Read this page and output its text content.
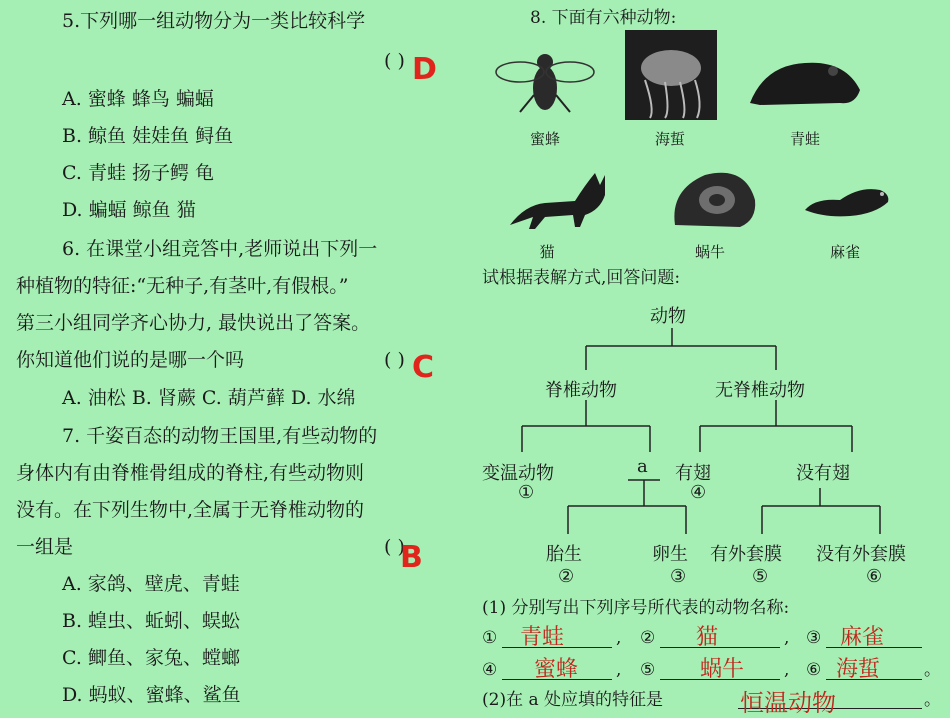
5.下列哪一组动物分为一类比较科学
( ) D
A. 蜜蜂 蜂鸟 蝙蝠
B. 鲸鱼 娃娃鱼 鲟鱼
C. 青蛙 扬子鳄 龟
D. 蝙蝠 鲸鱼 猫
6. 在课堂小组竞答中,老师说出下列一
种植物的特征:“无种子,有茎叶,有假根。”
第三小组同学齐心协力, 最快说出了答案。
你知道他们说的是哪一个吗	( ) C
A. 油松 B. 肾蕨 C. 葫芦藓 D. 水绵
7. 千姿百态的动物王国里,有些动物的
身体内有由脊椎骨组成的脊柱,有些动物则
没有。在下列生物中,全属于无脊椎动物的
一组是	( )
B
A. 家鸽、壁虎、青蛙
B. 蝗虫、蚯蚓、蜈蚣
C. 鲫鱼、家兔、螳螂
D. 蚂蚁、蜜蜂、鲨鱼
8. 下面有六种动物:
蜜蜂	海蜇	青蛙
猫	蜗牛	麻雀
试根据表解方式,回答问题:
动物
脊椎动物	无脊椎动物
变温动物
①
a 有翅
④
没有翅
胎生
②
卵生
③
有外套膜
⑤
没有外套膜
⑥
(1) 分别写出下列序号所代表的动物名称:
① 青蛙	, ② 猫	, ③ 麻雀
④ 蜜蜂 , ⑤ 蜗牛 , ⑥ 海蜇	。
(2)在 a 处应填的特征是	恒温动物	。
